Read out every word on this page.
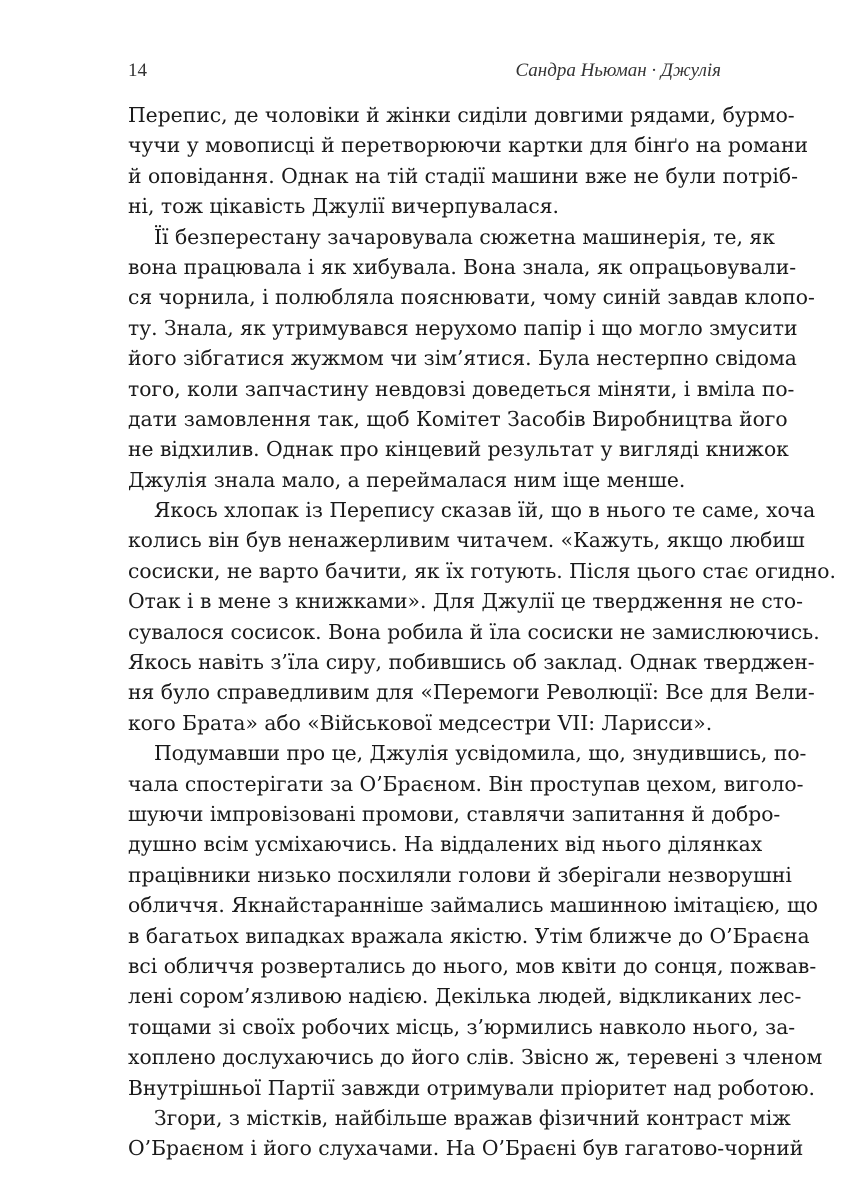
14	Сандра Ньюман · Джулія
Перепис, де чоловіки й жінки сиділи довгими рядами, бурмо-
чучи у мовописці й перетворюючи картки для бінґо на романи
й оповідання. Однак на тій стадії машини вже не були потріб-
ні, тож цікавість Джулії вичерпувалася.
Її безперестану зачаровувала сюжетна машинерія, те, як
вона працювала і як хибувала. Вона знала, як опрацьовували-
ся чорнила, і полюбляла пояснювати, чому синій завдав клопо-
ту. Знала, як утримувався нерухомо папір і що могло змусити
його зібгатися жужмом чи зім’ятися. Була нестерпно свідома
того, коли запчастину невдовзі доведеться міняти, і вміла по-
дати замовлення так, щоб Комітет Засобів Виробництва його
не відхилив. Однак про кінцевий результат у вигляді книжок
Джулія знала мало, а переймалася ним іще менше.
Якось хлопак із Перепису сказав їй, що в нього те саме, хоча
колись він був ненажерливим читачем. «Кажуть, якщо любиш
сосиски, не варто бачити, як їх готують. Після цього стає огидно.
Отак і в мене з книжками». Для Джулії це твердження не сто-
сувалося сосисок. Вона робила й їла сосиски не замислюючись.
Якось навіть з’їла сиру, побившись об заклад. Однак тверджен-
ня було справедливим для «Перемоги Революції: Все для Вели-
кого Брата» або «Військової медсестри VII: Ларисси».
Подумавши про це, Джулія усвідомила, що, знудившись, по-
чала спостерігати за О’Браєном. Він проступав цехом, виголо-
шуючи імпровізовані промови, ставлячи запитання й добро-
душно всім усміхаючись. На віддалених від нього ділянках
працівники низько посхиляли голови й зберігали незворушні
обличчя. Якнайстаранніше займались машинною імітацією, що
в багатьох випадках вражала якістю. Утім ближче до О’Браєна
всі обличчя розвертались до нього, мов квіти до сонця, пожвав-
лені сором’язливою надією. Декілька людей, відкликаних лес-
тощами зі своїх робочих місць, з’юрмились навколо нього, за-
хоплено дослухаючись до його слів. Звісно ж, теревені з членом
Внутрішньої Партії завжди отримували пріоритет над роботою.
Згори, з містків, найбільше вражав фізичний контраст між
О’Браєном і його слухачами. На О’Браєні був гагатово-чорний
